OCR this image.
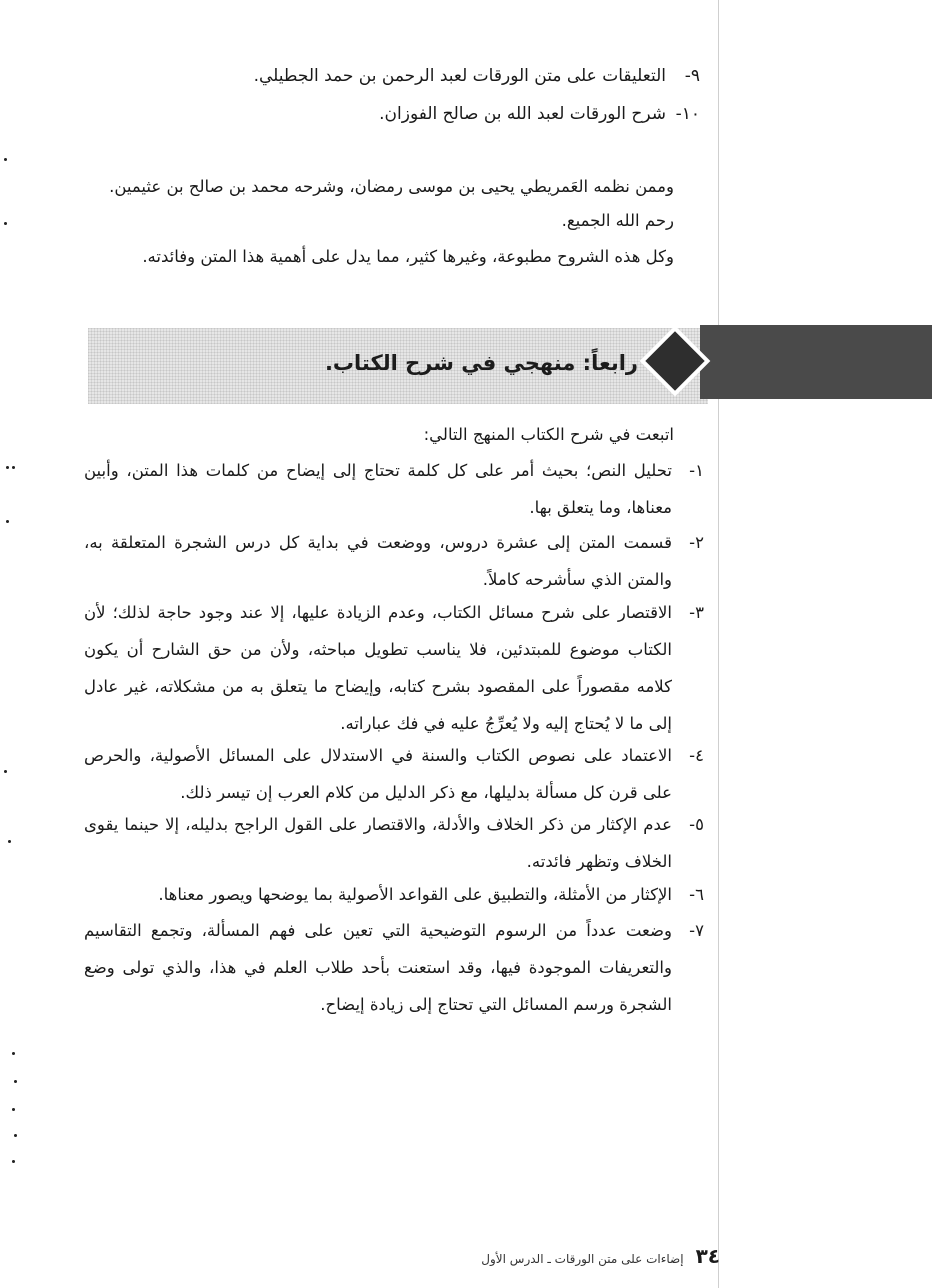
٩-التعليقات على متن الورقات لعبد الرحمن بن حمد الجطيلي.
١٠-شرح الورقات لعبد الله بن صالح الفوزان.
وممن نظمه العَمريطي يحيى بن موسى رمضان، وشرحه محمد بن صالح بن عثيمين.
رحم الله الجميع.
وكل هذه الشروح مطبوعة، وغيرها كثير، مما يدل على أهمية هذا المتن وفائدته.
رابعاً: منهجي في شرح الكتاب.
اتبعت في شرح الكتاب المنهج التالي:
١-
تحليل النص؛ بحيث أمر على كل كلمة تحتاج إلى إيضاح من كلمات هذا المتن، وأبين معناها، وما يتعلق بها.
٢-
قسمت المتن إلى عشرة دروس، ووضعت في بداية كل درس الشجرة المتعلقة به، والمتن الذي سأشرحه كاملاً.
٣-
الاقتصار على شرح مسائل الكتاب، وعدم الزيادة عليها، إلا عند وجود حاجة لذلك؛ لأن الكتاب موضوع للمبتدئين، فلا يناسب تطويل مباحثه، ولأن من حق الشارح أن يكون كلامه مقصوراً على المقصود بشرح كتابه، وإيضاح ما يتعلق به من مشكلاته، غير عادل إلى ما لا يُحتاج إليه ولا يُعرِّجُ عليه في فك عباراته.
٤-
الاعتماد على نصوص الكتاب والسنة في الاستدلال على المسائل الأصولية، والحرص على قرن كل مسألة بدليلها، مع ذكر الدليل من كلام العرب إن تيسر ذلك.
٥-
عدم الإكثار من ذكر الخلاف والأدلة، والاقتصار على القول الراجح بدليله، إلا حينما يقوى الخلاف وتظهر فائدته.
٦-
الإكثار من الأمثلة، والتطبيق على القواعد الأصولية بما يوضحها ويصور معناها.
٧-
وضعت عدداً من الرسوم التوضيحية التي تعين على فهم المسألة، وتجمع التقاسيم والتعريفات الموجودة فيها، وقد استعنت بأحد طلاب العلم في هذا، والذي تولى وضع الشجرة ورسم المسائل التي تحتاج إلى زيادة إيضاح.
٣٤إضاءات على متن الورقات ـ الدرس الأول
